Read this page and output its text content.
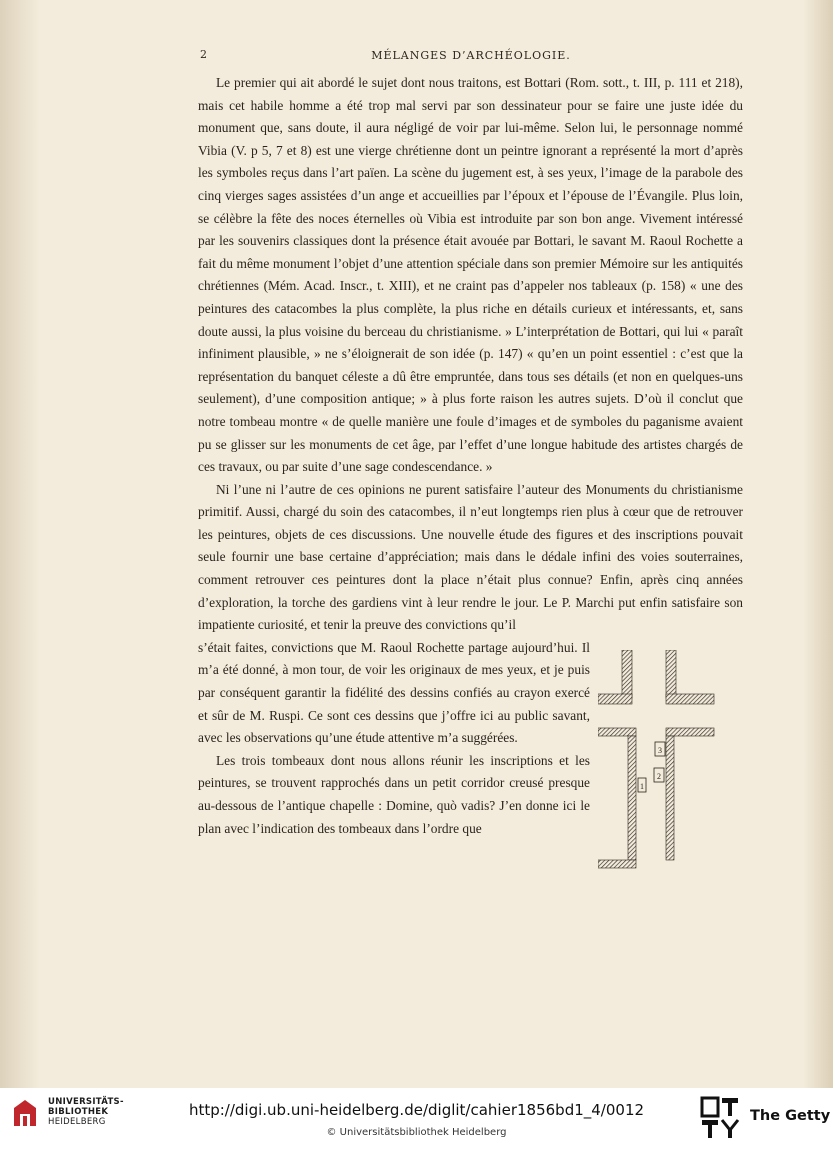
2	MÉLANGES D’ARCHÉOLOGIE.

Le premier qui ait abordé le sujet dont nous traitons, est Bottari (Rom. sott., t. III, p. 111 et 218), mais cet habile homme a été trop mal servi par son dessinateur pour se faire une juste idée du monument que, sans doute, il aura négligé de voir par lui-même. Selon lui, le personnage nommé Vibia (V. p 5, 7 et 8) est une vierge chrétienne dont un peintre ignorant a représenté la mort d’après les symboles reçus dans l’art païen. La scène du jugement est, à ses yeux, l’image de la parabole des cinq vierges sages assistées d’un ange et accueillies par l’époux et l’épouse de l’Évangile. Plus loin, se célèbre la fête des noces éternelles où Vibia est introduite par son bon ange. Vivement intéressé par les souvenirs classiques dont la présence était avouée par Bottari, le savant M. Raoul Rochette a fait du même monument l’objet d’une attention spéciale dans son premier Mémoire sur les antiquités chrétiennes (Mém. Acad. Inscr., t. XIII), et ne craint pas d’appeler nos tableaux (p. 158) « une des peintures des catacombes la plus complète, la plus riche en détails curieux et intéressants, et, sans doute aussi, la plus voisine du berceau du christianisme. » L’interprétation de Bottari, qui lui « paraît infiniment plausible, » ne s’éloignerait de son idée (p. 147) « qu’en un point essentiel : c’est que la représentation du banquet céleste a dû être empruntée, dans tous ses détails (et non en quelques-uns seulement), d’une composition antique; » à plus forte raison les autres sujets. D’où il conclut que notre tombeau montre « de quelle manière une foule d’images et de symboles du paganisme avaient pu se glisser sur les monuments de cet âge, par l’effet d’une longue habitude des artistes chargés de ces travaux, ou par suite d’une sage condescendance. »

Ni l’une ni l’autre de ces opinions ne purent satisfaire l’auteur des Monuments du christianisme primitif. Aussi, chargé du soin des catacombes, il n’eut longtemps rien plus à cœur que de retrouver les peintures, objets de ces discussions. Une nouvelle étude des figures et des inscriptions pouvait seule fournir une base certaine d’appréciation; mais dans le dédale infini des voies souterraines, comment retrouver ces peintures dont la place n’était plus connue? Enfin, après cinq années d’exploration, la torche des gardiens vint à leur rendre le jour. Le P. Marchi put enfin satisfaire son impatiente curiosité, et tenir la preuve des convictions qu’il

s’était faites, convictions que M. Raoul Rochette partage aujourd’hui. Il m’a été donné, à mon tour, de voir les originaux de mes yeux, et je puis par conséquent garantir la fidélité des dessins confiés au crayon exercé et sûr de M. Ruspi. Ce sont ces dessins que j’offre ici au public savant, avec les observations qu’une étude attentive m’a suggérées.

Les trois tombeaux dont nous allons réunir les inscriptions et les peintures, se trouvent rapprochés dans un petit corridor creusé presque au-dessous de l’antique chapelle : Domine, quò vadis? J’en donne ici le plan avec l’indication des tombeaux dans l’ordre que

1
2
3
UNIVERSITÄTS-
BIBLIOTHEK
HEIDELBERG
http://digi.ub.uni-heidelberg.de/diglit/cahier1856bd1_4/0012
© Universitätsbibliothek Heidelberg
The Getty
